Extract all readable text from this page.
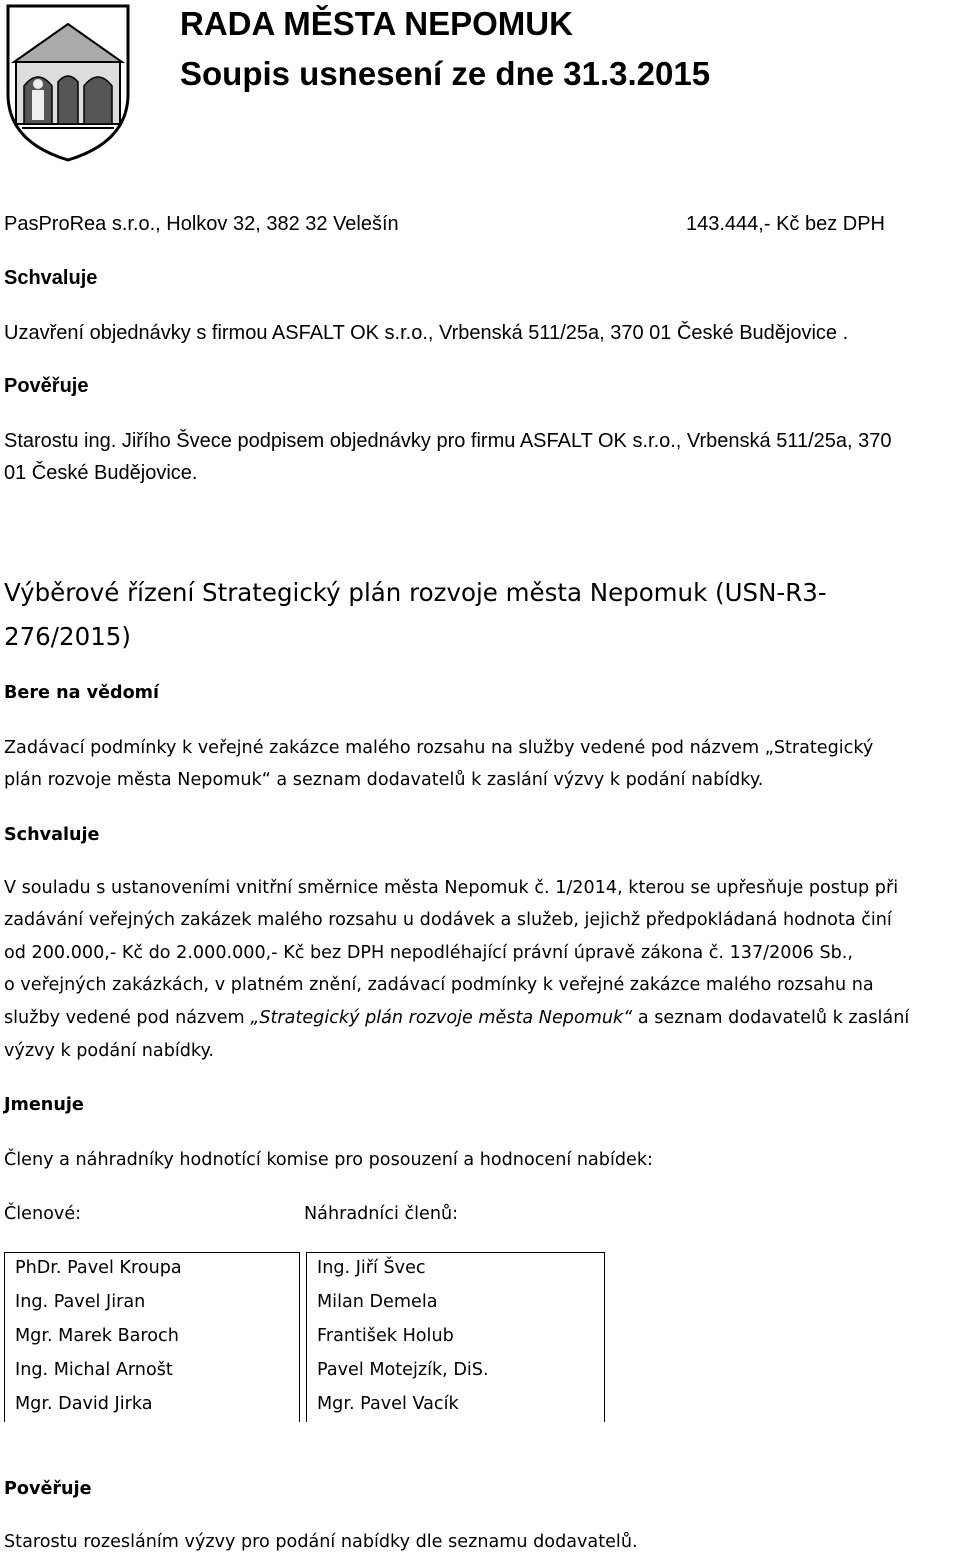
RADA MĚSTA NEPOMUK
Soupis usnesení ze dne 31.3.2015
PasProRea s.r.o., Holkov 32, 382 32 Velešín	143.444,- Kč bez DPH
Schvaluje
Uzavření objednávky s firmou ASFALT OK s.r.o., Vrbenská 511/25a, 370 01 České Budějovice .
Pověřuje
Starostu ing. Jiřího Švece podpisem objednávky pro firmu ASFALT OK s.r.o., Vrbenská 511/25a, 370
01 České Budějovice.
Výběrové řízení Strategický plán rozvoje města Nepomuk (USN-R3-
276/2015)
Bere na vědomí
Zadávací podmínky k veřejné zakázce malého rozsahu na služby vedené pod názvem „Strategický
plán rozvoje města Nepomuk“ a seznam dodavatelů k zaslání výzvy k podání nabídky.
Schvaluje
V souladu s ustanoveními vnitřní směrnice města Nepomuk č. 1/2014, kterou se upřesňuje postup při
zadávání veřejných zakázek malého rozsahu u dodávek a služeb, jejichž předpokládaná hodnota činí
od 200.000,- Kč do 2.000.000,- Kč bez DPH nepodléhající právní úpravě zákona č. 137/2006 Sb.,
o veřejných zakázkách, v platném znění, zadávací podmínky k veřejné zakázce malého rozsahu na
služby vedené pod názvem „Strategický plán rozvoje města Nepomuk“ a seznam dodavatelů k zaslání
výzvy k podání nabídky.
Jmenuje
Členy a náhradníky hodnotící komise pro posouzení a hodnocení nabídek:
Členové:	Náhradníci členů:
PhDr. Pavel Kroupa
Ing. Pavel Jiran
Mgr. Marek Baroch
Ing. Michal Arnošt
Mgr. David Jirka
Ing. Jiří Švec
Milan Demela
František Holub
Pavel Motejzík, DiS.
Mgr. Pavel Vacík
Pověřuje
Starostu rozesláním výzvy pro podání nabídky dle seznamu dodavatelů.
